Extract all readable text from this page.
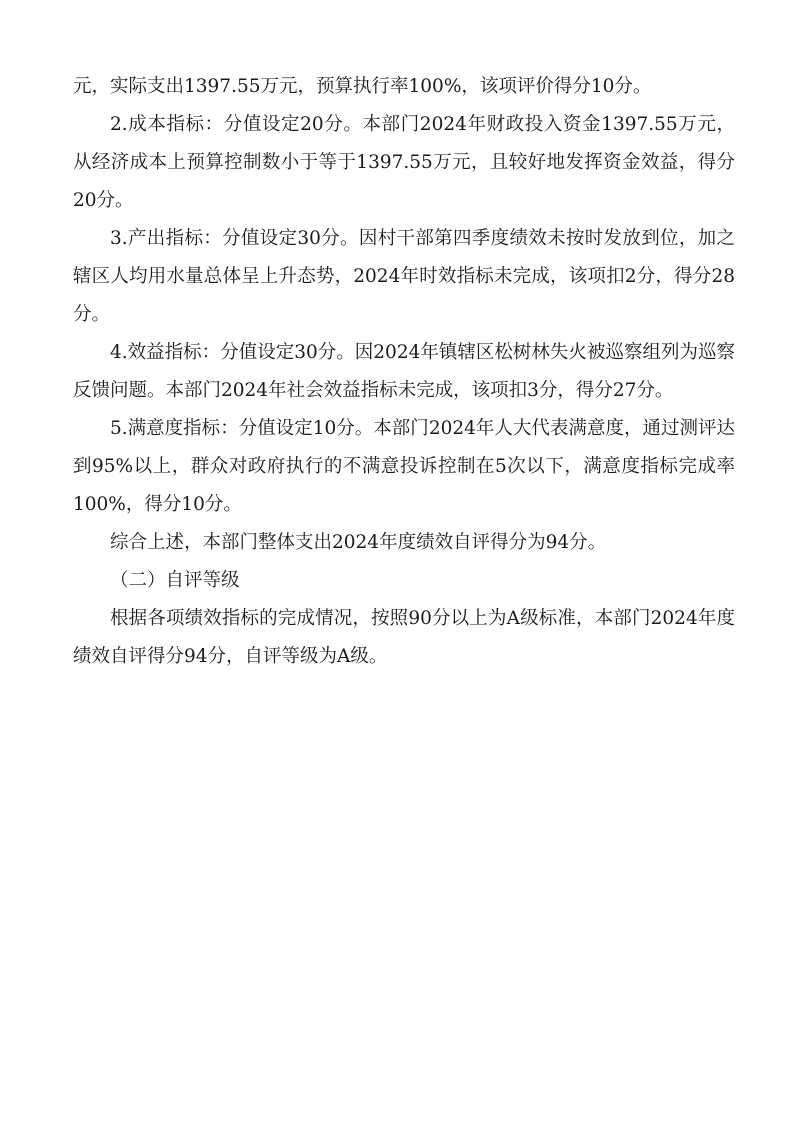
元，实际支出1397.55万元，预算执行率100%，该项评价得分10分。

2.成本指标：分值设定20分。本部门2024年财政投入资金1397.55万元，从经济成本上预算控制数小于等于1397.55万元，且较好地发挥资金效益，得分20分。

3.产出指标：分值设定30分。因村干部第四季度绩效未按时发放到位，加之辖区人均用水量总体呈上升态势，2024年时效指标未完成，该项扣2分，得分28分。

4.效益指标：分值设定30分。因2024年镇辖区松树林失火被巡察组列为巡察反馈问题。本部门2024年社会效益指标未完成，该项扣3分，得分27分。

5.满意度指标：分值设定10分。本部门2024年人大代表满意度，通过测评达到95%以上，群众对政府执行的不满意投诉控制在5次以下，满意度指标完成率100%，得分10分。

综合上述，本部门整体支出2024年度绩效自评得分为94分。

（二）自评等级

根据各项绩效指标的完成情况，按照90分以上为A级标准，本部门2024年度绩效自评得分94分，自评等级为A级。
